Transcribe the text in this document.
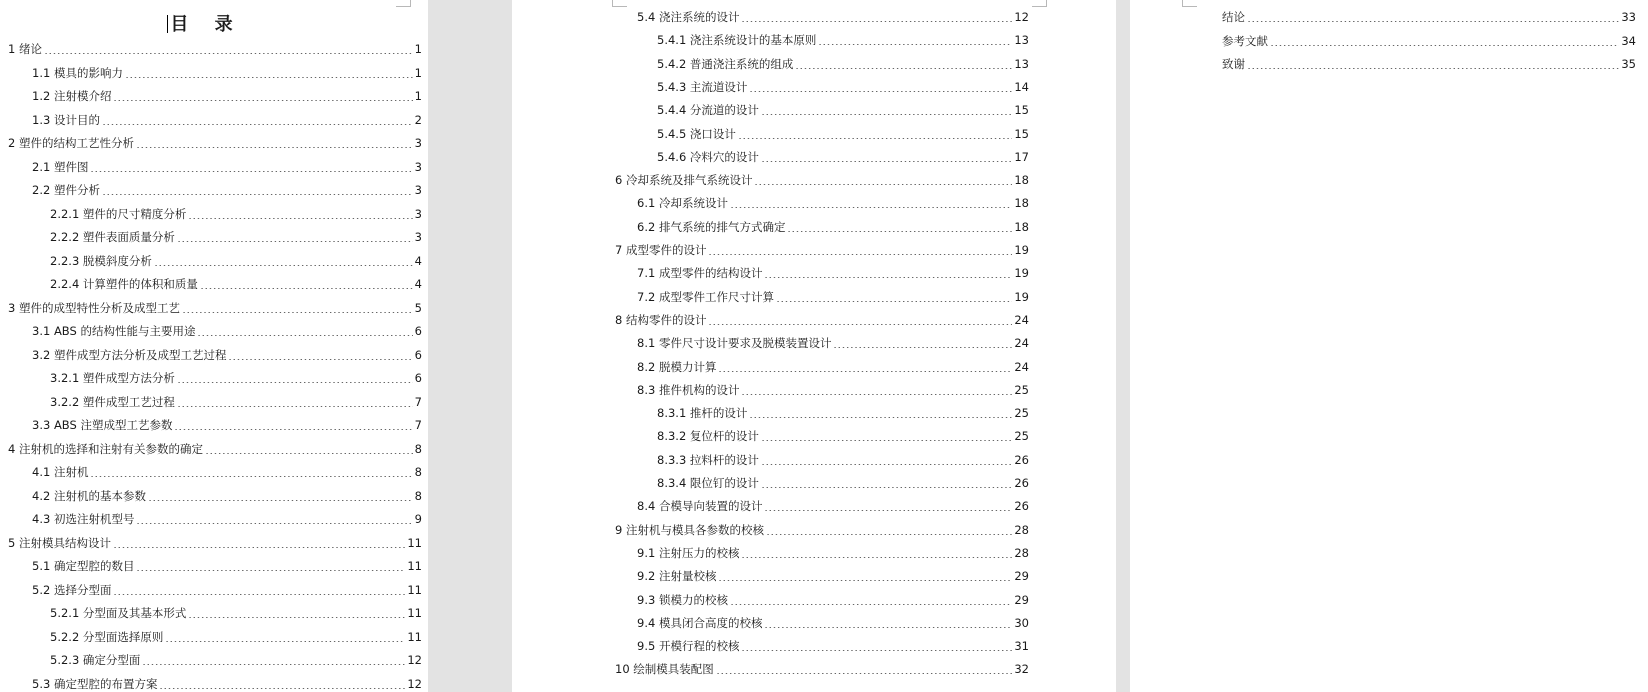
目 录
1 绪论	1
1.1 模具的影响力	1
1.2 注射模介绍	1
1.3 设计目的	2
2 塑件的结构工艺性分析	3
2.1 塑件图	3
2.2 塑件分析	3
2.2.1 塑件的尺寸精度分析	3
2.2.2 塑件表面质量分析	3
2.2.3 脱模斜度分析	4
2.2.4 计算塑件的体积和质量	4
3 塑件的成型特性分析及成型工艺	5
3.1 ABS 的结构性能与主要用途	6
3.2 塑件成型方法分析及成型工艺过程	6
3.2.1 塑件成型方法分析	6
3.2.2 塑件成型工艺过程	7
3.3 ABS 注塑成型工艺参数	7
4 注射机的选择和注射有关参数的确定	8
4.1 注射机	8
4.2 注射机的基本参数	8
4.3 初选注射机型号	9
5 注射模具结构设计	11
5.1 确定型腔的数目	11
5.2 选择分型面	11
5.2.1 分型面及其基本形式	11
5.2.2 分型面选择原则	11
5.2.3 确定分型面	12
5.3 确定型腔的布置方案	12
5.4 浇注系统的设计	12
5.4.1 浇注系统设计的基本原则	13
5.4.2 普通浇注系统的组成	13
5.4.3 主流道设计	14
5.4.4 分流道的设计	15
5.4.5 浇口设计	15
5.4.6 冷料穴的设计	17
6 冷却系统及排气系统设计	18
6.1 冷却系统设计	18
6.2 排气系统的排气方式确定	18
7 成型零件的设计	19
7.1 成型零件的结构设计	19
7.2 成型零件工作尺寸计算	19
8 结构零件的设计	24
8.1 零件尺寸设计要求及脱模装置设计	24
8.2 脱模力计算	24
8.3 推件机构的设计	25
8.3.1 推杆的设计	25
8.3.2 复位杆的设计	25
8.3.3 拉料杆的设计	26
8.3.4 限位钉的设计	26
8.4 合模导向装置的设计	26
9 注射机与模具各参数的校核	28
9.1 注射压力的校核	28
9.2 注射量校核	29
9.3 锁模力的校核	29
9.4 模具闭合高度的校核	30
9.5 开模行程的校核	31
10 绘制模具装配图	32
结论	33
参考文献	34
致谢	35
